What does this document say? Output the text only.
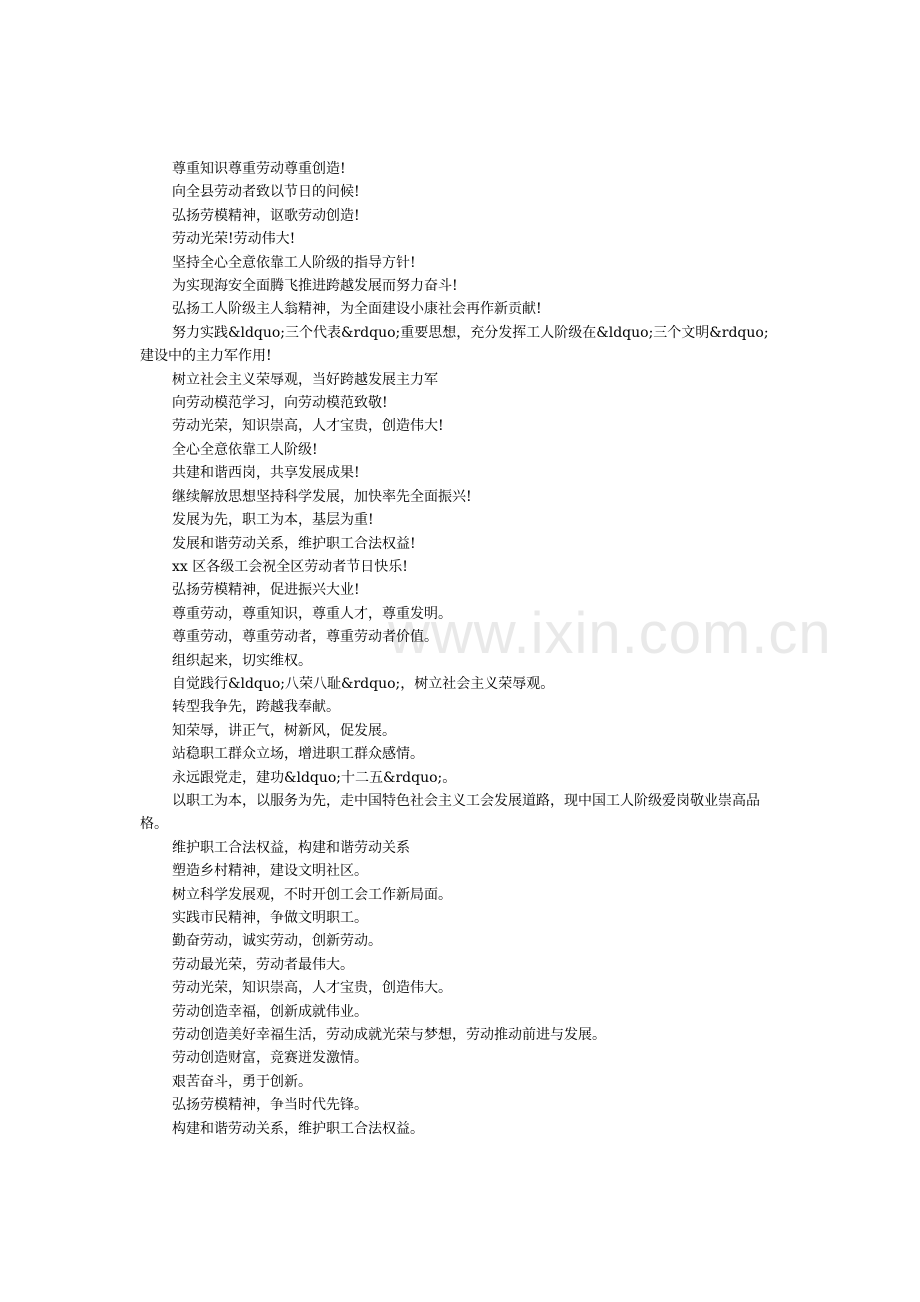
www.ixin.com.cn

尊重知识尊重劳动尊重创造!

向全县劳动者致以节日的问候!

弘扬劳模精神，讴歌劳动创造!

劳动光荣!劳动伟大!

坚持全心全意依靠工人阶级的指导方针!

为实现海安全面腾飞推进跨越发展而努力奋斗!

弘扬工人阶级主人翁精神，为全面建设小康社会再作新贡献!

努力实践&ldquo;三个代表&rdquo;重要思想，充分发挥工人阶级在&ldquo;三个文明&rdquo;建设中的主力军作用!

树立社会主义荣辱观，当好跨越发展主力军

向劳动模范学习，向劳动模范致敬!

劳动光荣，知识崇高，人才宝贵，创造伟大!

全心全意依靠工人阶级!

共建和谐西岗，共享发展成果!

继续解放思想坚持科学发展，加快率先全面振兴!

发展为先，职工为本，基层为重!

发展和谐劳动关系，维护职工合法权益!

xx 区各级工会祝全区劳动者节日快乐!

弘扬劳模精神，促进振兴大业!

尊重劳动，尊重知识，尊重人才，尊重发明。

尊重劳动，尊重劳动者，尊重劳动者价值。

组织起来，切实维权。

自觉践行&ldquo;八荣八耻&rdquo;，树立社会主义荣辱观。

转型我争先，跨越我奉献。

知荣辱，讲正气，树新风，促发展。

站稳职工群众立场，增进职工群众感情。

永远跟党走，建功&ldquo;十二五&rdquo;。

以职工为本，以服务为先，走中国特色社会主义工会发展道路，现中国工人阶级爱岗敬业崇高品格。

维护职工合法权益，构建和谐劳动关系

塑造乡村精神，建设文明社区。

树立科学发展观，不时开创工会工作新局面。

实践市民精神，争做文明职工。

勤奋劳动，诚实劳动，创新劳动。

劳动最光荣，劳动者最伟大。

劳动光荣，知识崇高，人才宝贵，创造伟大。

劳动创造幸福，创新成就伟业。

劳动创造美好幸福生活，劳动成就光荣与梦想，劳动推动前进与发展。

劳动创造财富，竞赛迸发激情。

艰苦奋斗，勇于创新。

弘扬劳模精神，争当时代先锋。

构建和谐劳动关系，维护职工合法权益。
